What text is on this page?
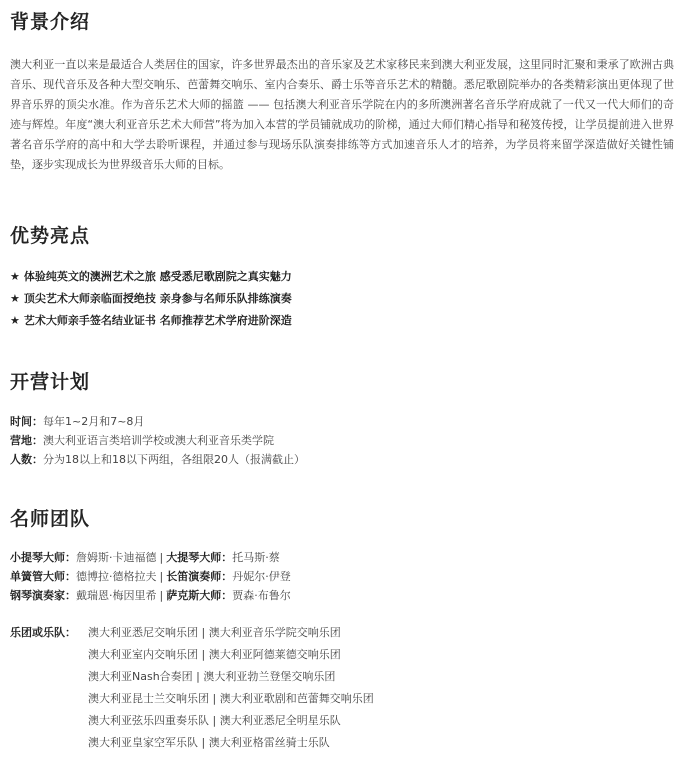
背景介绍

澳大利亚一直以来是最适合人类居住的国家，许多世界最杰出的音乐家及艺术家移民来到澳大利亚发展，这里同时汇聚和秉承了欧洲古典音乐、现代音乐及各种大型交响乐、芭蕾舞交响乐、室内合奏乐、爵士乐等音乐艺术的精髓。悉尼歌剧院举办的各类精彩演出更体现了世界音乐界的顶尖水准。作为音乐艺术大师的摇篮 —— 包括澳大利亚音乐学院在内的多所澳洲著名音乐学府成就了一代又一代大师们的奇迹与辉煌。年度“澳大利亚音乐艺术大师营”将为加入本营的学员铺就成功的阶梯，通过大师们精心指导和秘笈传授，让学员提前进入世界著名音乐学府的高中和大学去聆听课程，并通过参与现场乐队演奏排练等方式加速音乐人才的培养，为学员将来留学深造做好关键性铺垫，逐步实现成长为世界级音乐大师的目标。

优势亮点
★ 体验纯英文的澳洲艺术之旅 感受悉尼歌剧院之真实魅力
★ 顶尖艺术大师亲临面授绝技 亲身参与名师乐队排练演奏
★ 艺术大师亲手签名结业证书 名师推荐艺术学府进阶深造
开营计划
时间：每年1~2月和7~8月
营地：澳大利亚语言类培训学校或澳大利亚音乐类学院
人数：分为18以上和18以下两组，各组限20人（报满截止）
名师团队
小提琴大师：詹姆斯·卡迪福德 | 大提琴大师：托马斯·蔡
单簧管大师：德博拉·德格拉夫 | 长笛演奏师：丹妮尔·伊登
钢琴演奏家：戴瑞恩·梅因里希 | 萨克斯大师：贾森·布鲁尔
乐团或乐队：	澳大利亚悉尼交响乐团 | 澳大利亚音乐学院交响乐团
澳大利亚室内交响乐团 | 澳大利亚阿德莱德交响乐团
澳大利亚Nash合奏团 | 澳大利亚勃兰登堡交响乐团
澳大利亚昆士兰交响乐团 | 澳大利亚歌剧和芭蕾舞交响乐团
澳大利亚弦乐四重奏乐队 | 澳大利亚悉尼全明星乐队
澳大利亚皇家空军乐队 | 澳大利亚格雷丝骑士乐队
